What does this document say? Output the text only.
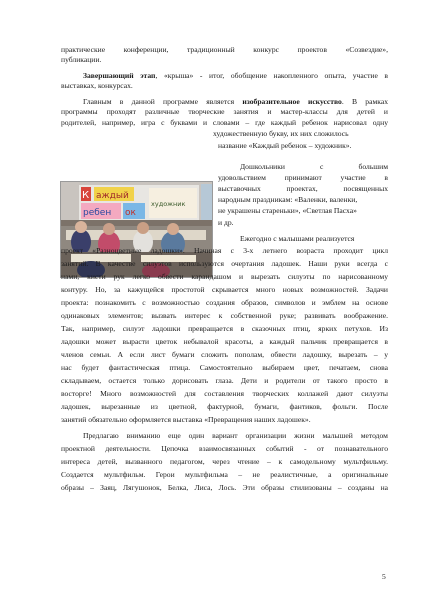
практические конференции, традиционный конкурс проектов «Созвездие»,
публикации.
Завершающий этап, «крыша» - итог, обобщение накопленного опыта, участие в
выставках, конкурсах.
Главным в данной программе является изобразительное искусство. В рамках
программы проходят различные творческие занятия и мастер-классы для детей и
родителей, например, игра с буквами и словами – где каждый ребенок нарисовал одну
художественную букву, их них сложилось
название «Каждый ребенок – художник».
К аждый
ребен ок
художник
Дошкольники с большим
удовольствием принимают участие в
выставочных проектах, посвященных
народным праздникам: «Валенки, валенки,
не украшены стареньки», «Светлая Пасха»
и др.
Ежегодно с малышами реализуется
проект «Разноцветные ладошки». Начиная с 3-х летнего возраста проходит цикл
занятий. В качестве силуэтов используются очертания ладошек. Наши руки всегда с
нами, кисти рук легко обвести карандашом и вырезать силуэты по нарисованному
контуру. Но, за кажущейся простотой скрывается много новых возможностей. Задачи
проекта: познакомить с возможностью создания образов, символов и эмблем на основе
одинаковых элементов; вызвать интерес к собственной руке; развивать воображение.
Так, например, силуэт ладошки превращается в сказочных птиц, ярких петухов. Из
ладошки может вырасти цветок небывалой красоты, а каждый пальчик превращается в
членов семьи. А если лист бумаги сложить пополам, обвести ладошку, вырезать – у
нас будет фантастическая птица. Самостоятельно выбираем цвет, печатаем, снова
складываем, остается только дорисовать глаза. Дети и родители от такого просто в
восторге! Много возможностей для составления творческих коллажей дают силуэты
ладошек, вырезанные из цветной, фактурной, бумаги, фантиков, фольги. После
занятий обязательно оформляется выставка «Превращения наших ладошек».
Предлагаю вниманию еще один вариант организации жизни малышей методом
проектной деятельности. Цепочка взаимосвязанных событий - от познавательного
интереса детей, вызванного педагогом, через чтение – к самодельному мультфильму.
Создается мультфильм. Герои мультфильма – не реалистичные, а оригинальные
образы – Заяц, Лягушонок, Белка, Лиса, Лось. Эти образы стилизованы – созданы на
5
